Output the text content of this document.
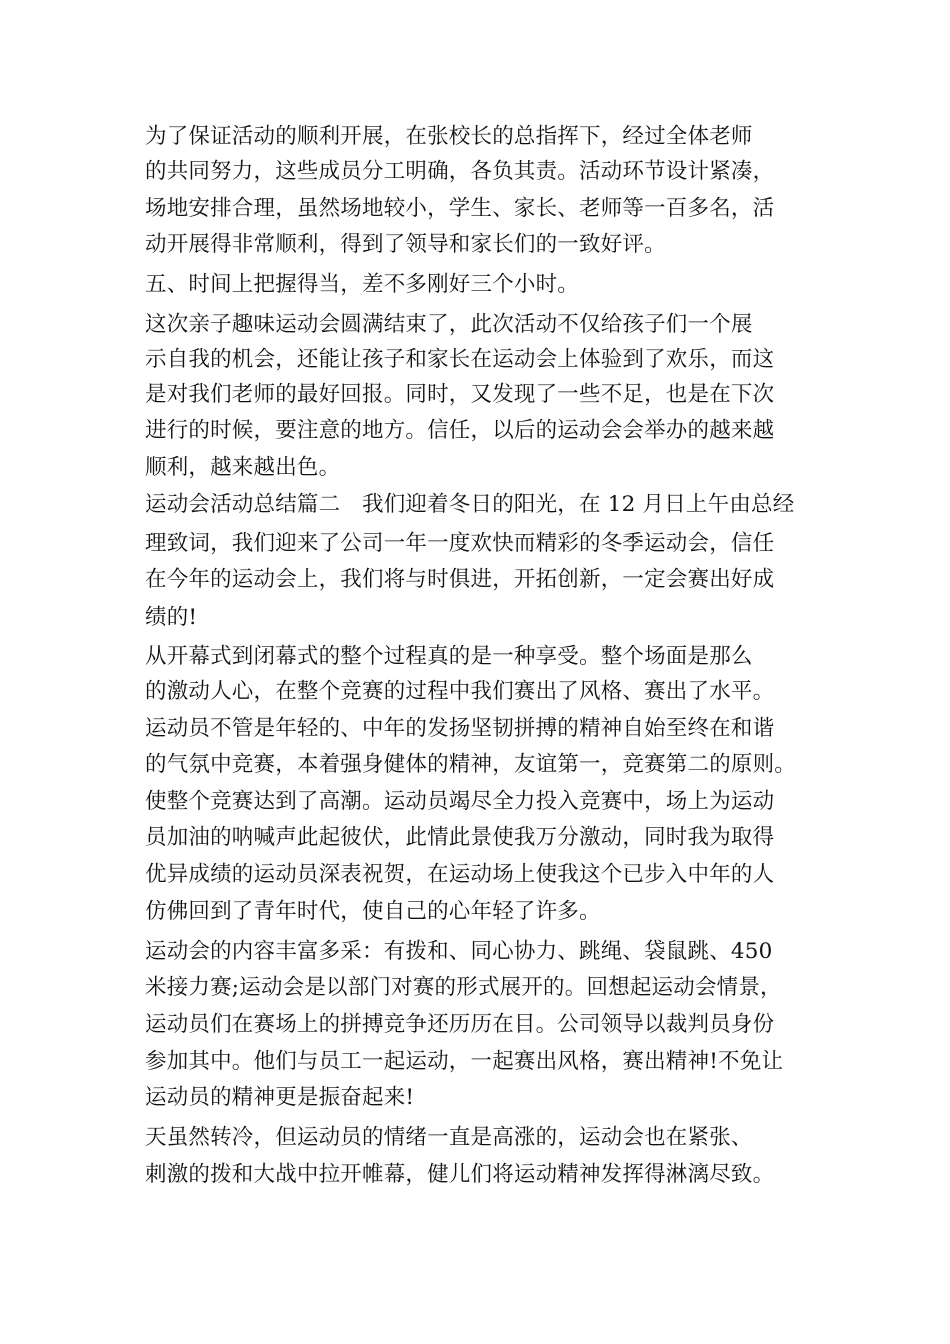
为了保证活动的顺利开展，在张校长的总指挥下，经过全体老师
的共同努力，这些成员分工明确，各负其责。活动环节设计紧凑，
场地安排合理，虽然场地较小，学生、家长、老师等一百多名，活
动开展得非常顺利，得到了领导和家长们的一致好评。
五、时间上把握得当，差不多刚好三个小时。
这次亲子趣味运动会圆满结束了，此次活动不仅给孩子们一个展
示自我的机会，还能让孩子和家长在运动会上体验到了欢乐，而这
是对我们老师的最好回报。同时，又发现了一些不足，也是在下次
进行的时候，要注意的地方。信任，以后的运动会会举办的越来越
顺利，越来越出色。
运动会活动总结篇二　我们迎着冬日的阳光，在 12 月日上午由总经
理致词，我们迎来了公司一年一度欢快而精彩的冬季运动会，信任
在今年的运动会上，我们将与时俱进，开拓创新，一定会赛出好成
绩的!
从开幕式到闭幕式的整个过程真的是一种享受。整个场面是那么
的激动人心，在整个竞赛的过程中我们赛出了风格、赛出了水平。
运动员不管是年轻的、中年的发扬坚韧拼搏的精神自始至终在和谐
的气氛中竞赛，本着强身健体的精神，友谊第一，竞赛第二的原则。
使整个竞赛达到了高潮。运动员竭尽全力投入竞赛中，场上为运动
员加油的呐喊声此起彼伏，此情此景使我万分激动，同时我为取得
优异成绩的运动员深表祝贺，在运动场上使我这个已步入中年的人
仿佛回到了青年时代，使自己的心年轻了许多。
运动会的内容丰富多采：有拨和、同心协力、跳绳、袋鼠跳、450
米接力赛;运动会是以部门对赛的形式展开的。回想起运动会情景，
运动员们在赛场上的拼搏竞争还历历在目。公司领导以裁判员身份
参加其中。他们与员工一起运动，一起赛出风格，赛出精神!不免让
运动员的精神更是振奋起来!
天虽然转冷，但运动员的情绪一直是高涨的，运动会也在紧张、
刺激的拨和大战中拉开帷幕，健儿们将运动精神发挥得淋漓尽致。
